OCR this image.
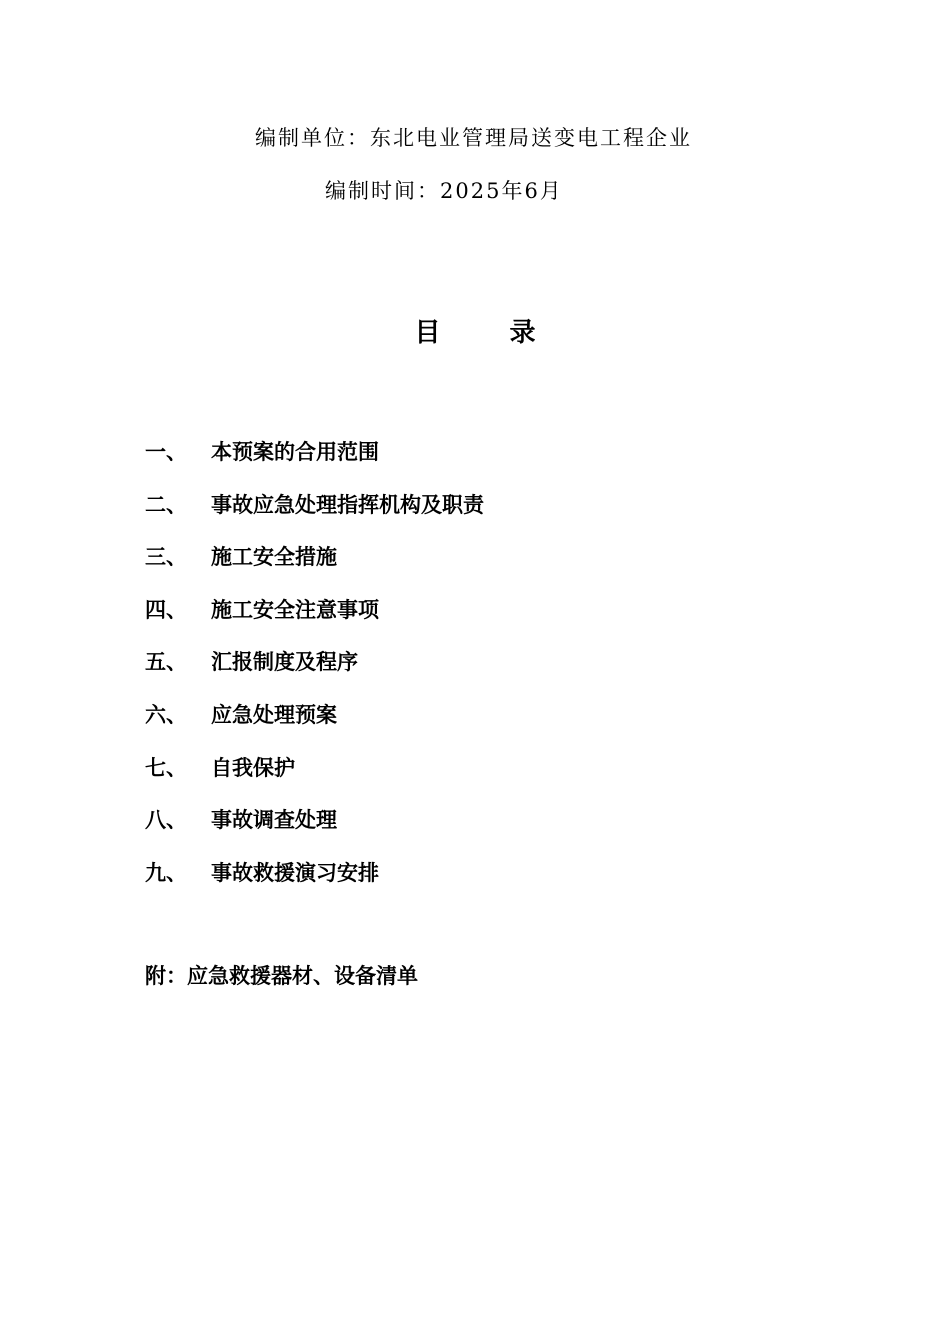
编制单位：东北电业管理局送变电工程企业
编制时间：2025年6月
目 录
一、	本预案的合用范围
二、	事故应急处理指挥机构及职责
三、	施工安全措施
四、	施工安全注意事项
五、	汇报制度及程序
六、	应急处理预案
七、	自我保护
八、	事故调查处理
九、	事故救援演习安排
附：应急救援器材、设备清单
